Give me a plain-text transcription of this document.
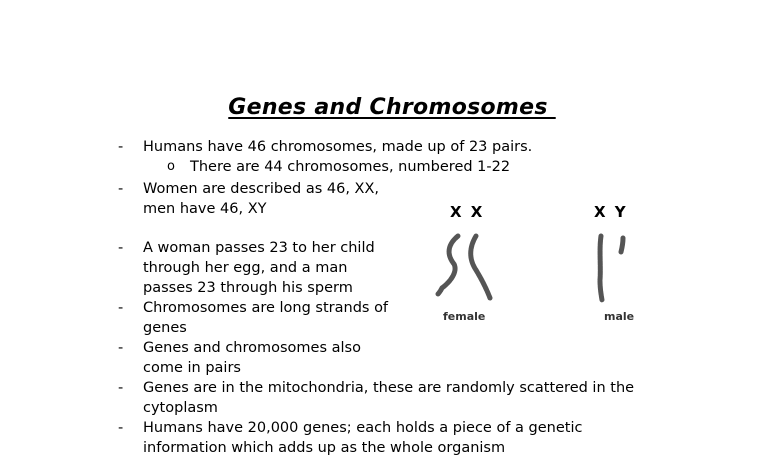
Genes and Chromosomes
- Humans have 46 chromosomes, made up of 23 pairs.
o There are 44 chromosomes, numbered 1-22
- Women are described as 46, XX,
men have 46, XY
- A woman passes 23 to her child
through her egg, and a man
passes 23 through his sperm
- Chromosomes are long strands of
genes
- Genes and chromosomes also
come in pairs
- Genes are in the mitochondria, these are randomly scattered in the
cytoplasm
- Humans have 20,000 genes; each holds a piece of a genetic
information which adds up as the whole organism
X X	X Y
female	male
